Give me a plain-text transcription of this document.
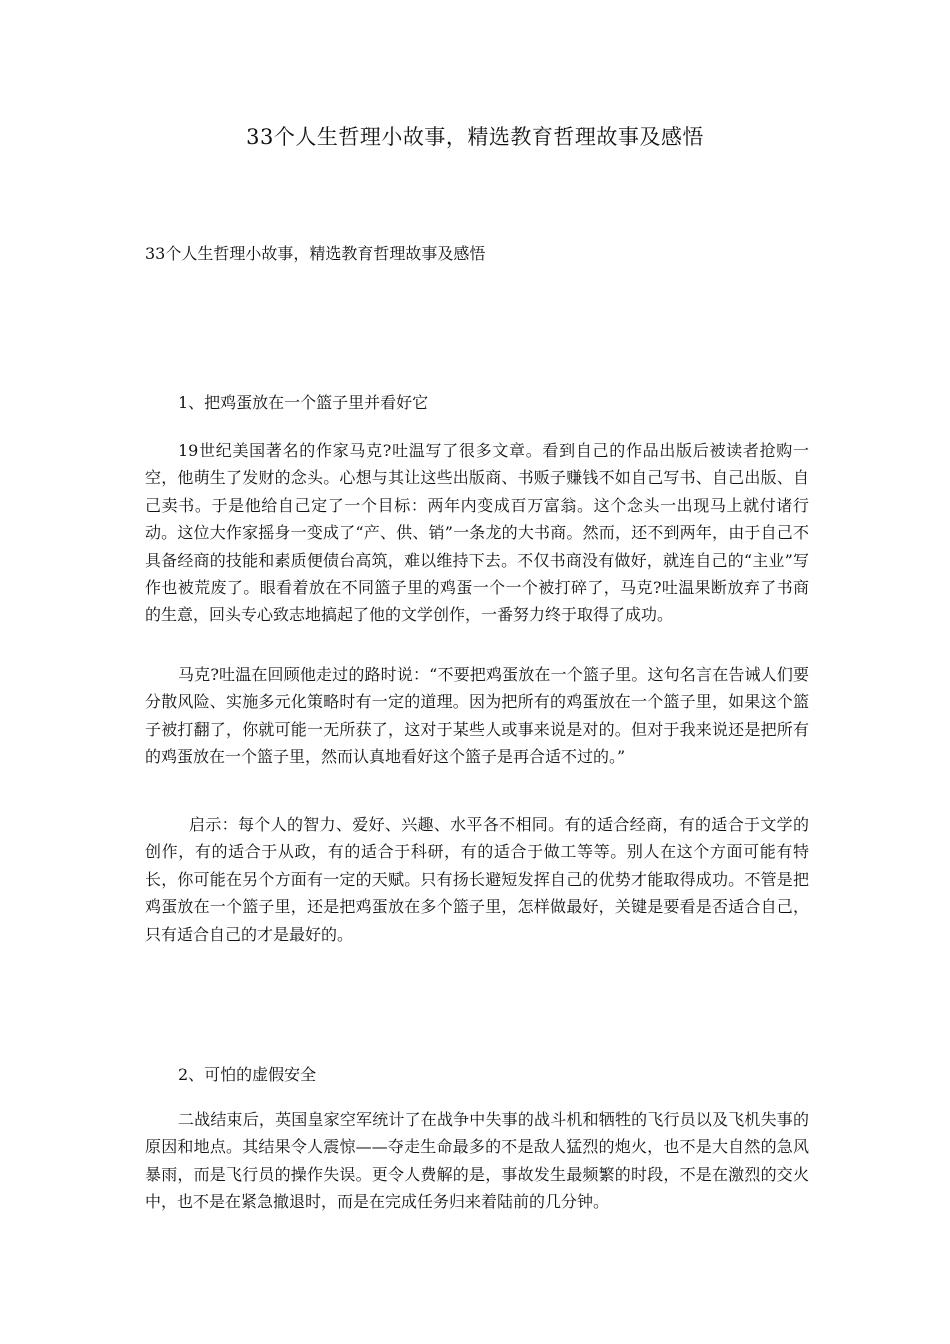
33个人生哲理小故事，精选教育哲理故事及感悟

33个人生哲理小故事，精选教育哲理故事及感悟

1、把鸡蛋放在一个篮子里并看好它

19世纪美国著名的作家马克?吐温写了很多文章。看到自己的作品出版后被读者抢购一空，他萌生了发财的念头。心想与其让这些出版商、书贩子赚钱不如自己写书、自己出版、自己卖书。于是他给自己定了一个目标：两年内变成百万富翁。这个念头一出现马上就付诸行动。这位大作家摇身一变成了“产、供、销”一条龙的大书商。然而，还不到两年，由于自己不具备经商的技能和素质便债台高筑，难以维持下去。不仅书商没有做好，就连自己的“主业”写作也被荒废了。眼看着放在不同篮子里的鸡蛋一个一个被打碎了，马克?吐温果断放弃了书商的生意，回头专心致志地搞起了他的文学创作，一番努力终于取得了成功。

马克?吐温在回顾他走过的路时说：“不要把鸡蛋放在一个篮子里。这句名言在告诫人们要分散风险、实施多元化策略时有一定的道理。因为把所有的鸡蛋放在一个篮子里，如果这个篮子被打翻了，你就可能一无所获了，这对于某些人或事来说是对的。但对于我来说还是把所有的鸡蛋放在一个篮子里，然而认真地看好这个篮子是再合适不过的。”

启示：每个人的智力、爱好、兴趣、水平各不相同。有的适合经商，有的适合于文学的创作，有的适合于从政，有的适合于科研，有的适合于做工等等。别人在这个方面可能有特长，你可能在另个方面有一定的天赋。只有扬长避短发挥自己的优势才能取得成功。不管是把鸡蛋放在一个篮子里，还是把鸡蛋放在多个篮子里，怎样做最好，关键是要看是否适合自己，只有适合自己的才是最好的。

2、可怕的虚假安全

二战结束后，英国皇家空军统计了在战争中失事的战斗机和牺牲的飞行员以及飞机失事的原因和地点。其结果令人震惊——夺走生命最多的不是敌人猛烈的炮火，也不是大自然的急风暴雨，而是飞行员的操作失误。更令人费解的是，事故发生最频繁的时段，不是在激烈的交火中，也不是在紧急撤退时，而是在完成任务归来着陆前的几分钟。
